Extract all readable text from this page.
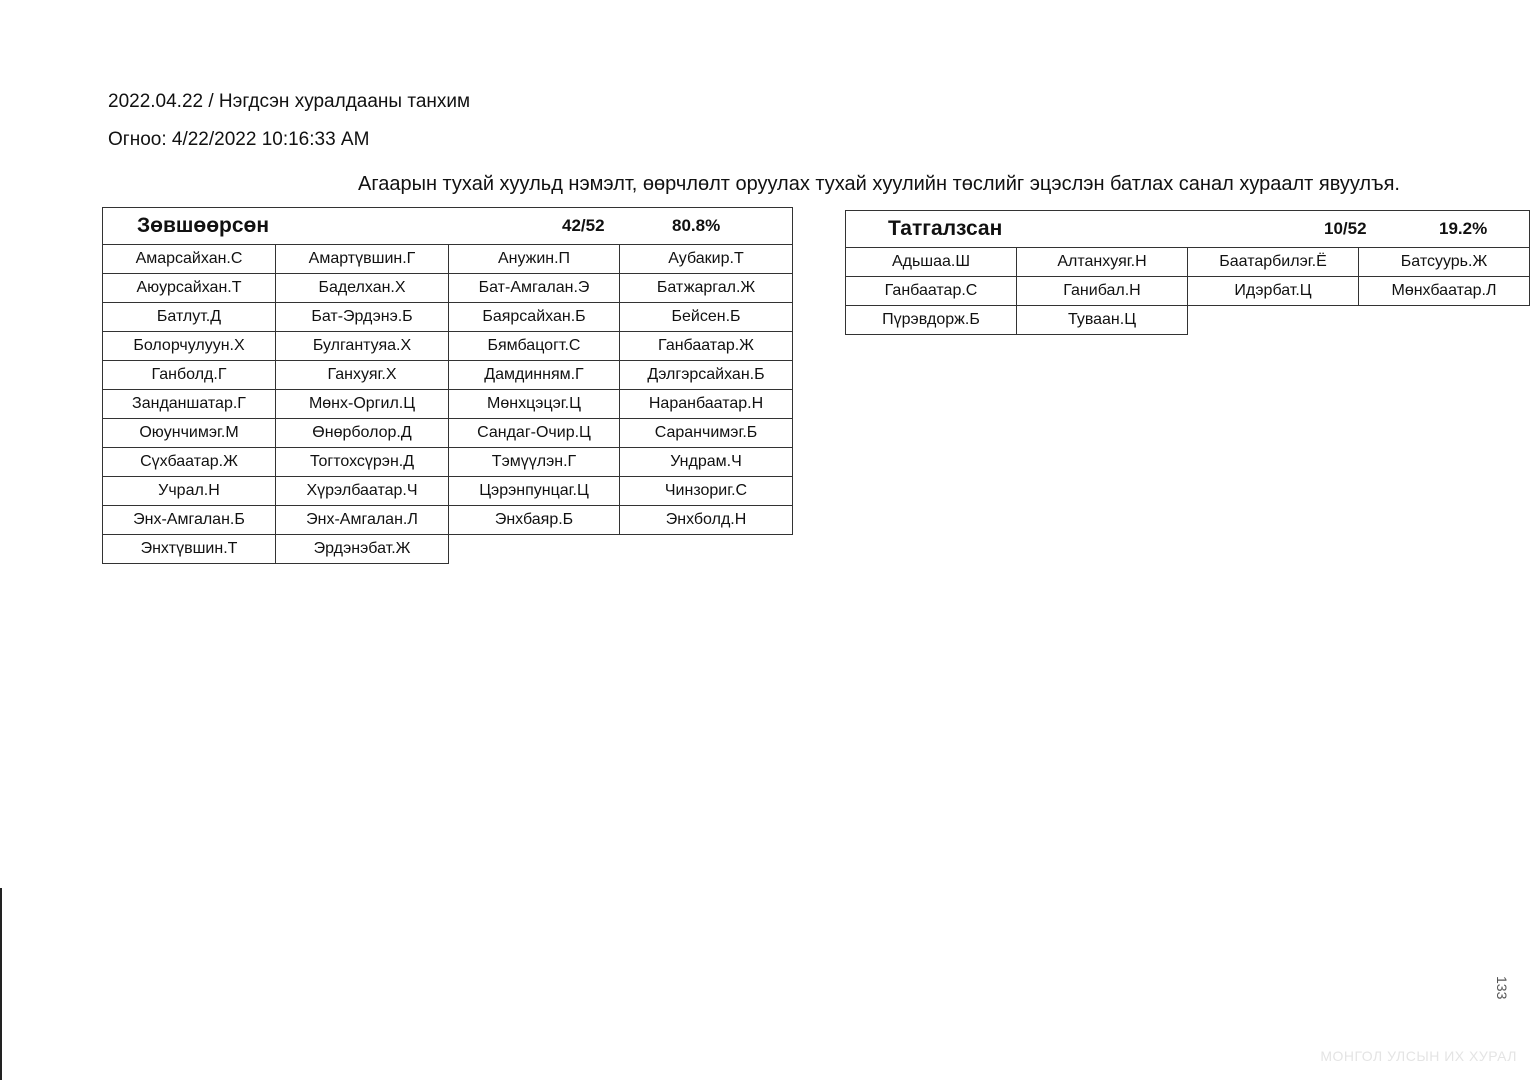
2022.04.22 / Нэгдсэн хуралдааны танхим
Огноо: 4/22/2022 10:16:33 AM
Агаарын тухай хуульд нэмэлт, өөрчлөлт оруулах тухай хуулийн төслийг эцэслэн батлах санал хураалт явуулъя.
Зөвшөөрсөн 42/52 80.8%			

Амарсайхан.С	Амартүвшин.Г	Анужин.П	Аубакир.Т
Аюурсайхан.Т	Баделхан.Х	Бат-Амгалан.Э	Батжаргал.Ж
Батлут.Д	Бат-Эрдэнэ.Б	Баярсайхан.Б	Бейсен.Б
Болорчулуун.Х	Булгантуяа.Х	Бямбацогт.С	Ганбаатар.Ж
Ганболд.Г	Ганхуяг.Х	Дамдинням.Г	Дэлгэрсайхан.Б
Занданшатар.Г	Мөнх-Оргил.Ц	Мөнхцэцэг.Ц	Наранбаатар.Н
Оюунчимэг.М	Өнөрболор.Д	Сандаг-Очир.Ц	Саранчимэг.Б
Сүхбаатар.Ж	Тогтохсүрэн.Д	Тэмүүлэн.Г	Ундрам.Ч
Учрал.Н	Хүрэлбаатар.Ч	Цэрэнпунцаг.Ц	Чинзориг.С
Энх-Амгалан.Б	Энх-Амгалан.Л	Энхбаяр.Б	Энхболд.Н
Энхтүвшин.Т	Эрдэнэбат.Ж		
Татгалзсан 10/52 19.2%			

Адьшаа.Ш	Алтанхуяг.Н	Баатарбилэг.Ё	Батсуурь.Ж
Ганбаатар.С	Ганибал.Н	Идэрбат.Ц	Мөнхбаатар.Л
Пүрэвдорж.Б	Туваан.Ц		
133
МОНГОЛ УЛСЫН ИХ ХУРАЛ
